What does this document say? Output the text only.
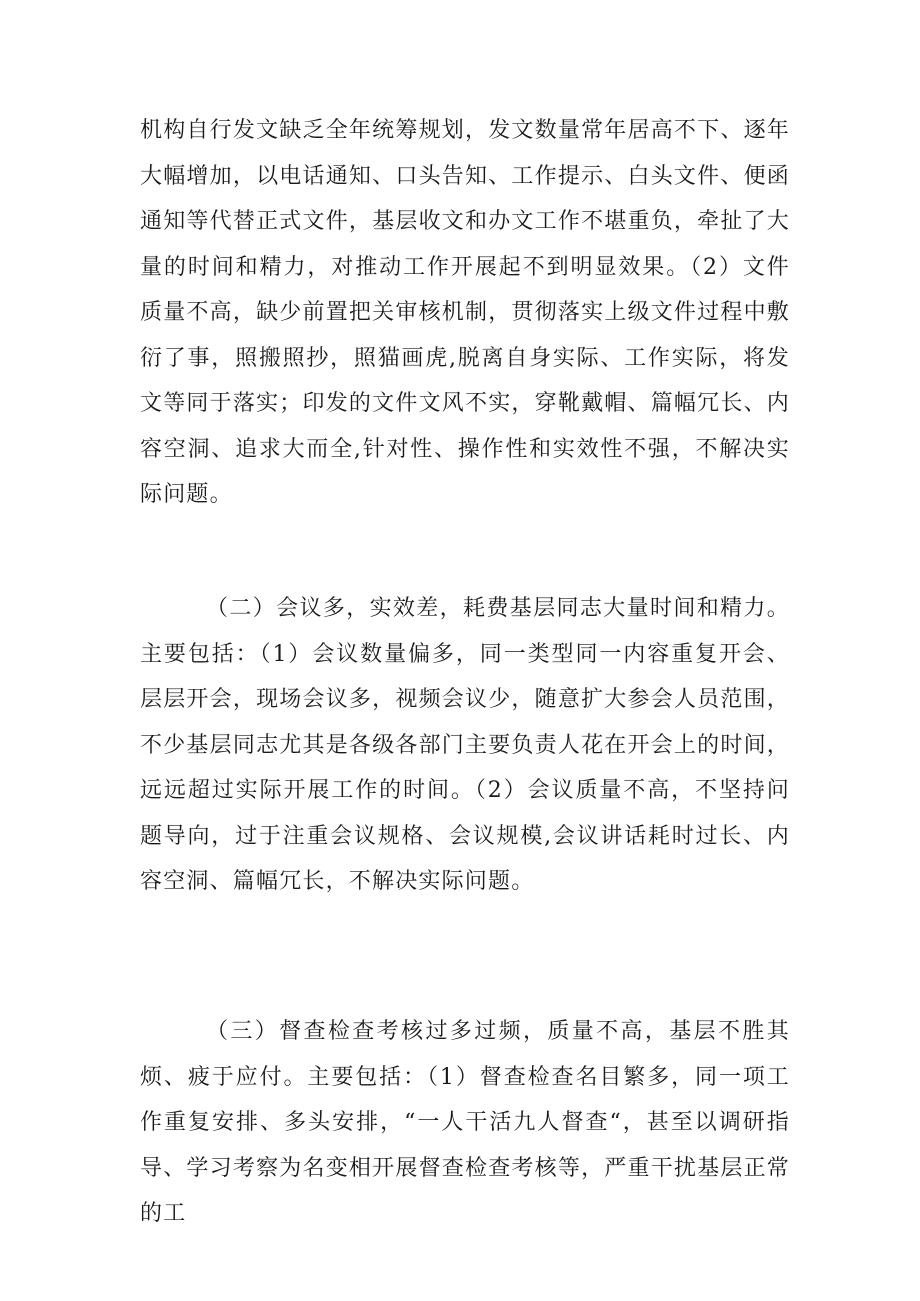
机构自行发文缺乏全年统筹规划，发文数量常年居高不下、逐年大幅增加，以电话通知、口头告知、工作提示、白头文件、便函通知等代替正式文件，基层收文和办文工作不堪重负，牵扯了大量的时间和精力，对推动工作开展起不到明显效果。（2）文件质量不高，缺少前置把关审核机制，贯彻落实上级文件过程中敷衍了事，照搬照抄，照猫画虎,脱离自身实际、工作实际，将发文等同于落实；印发的文件文风不实，穿靴戴帽、篇幅冗长、内容空洞、追求大而全,针对性、操作性和实效性不强，不解决实际问题。

（二）会议多，实效差，耗费基层同志大量时间和精力。主要包括：（1）会议数量偏多，同一类型同一内容重复开会、层层开会，现场会议多，视频会议少，随意扩大参会人员范围，不少基层同志尤其是各级各部门主要负责人花在开会上的时间，远远超过实际开展工作的时间。（2）会议质量不高，不坚持问题导向，过于注重会议规格、会议规模,会议讲话耗时过长、内容空洞、篇幅冗长，不解决实际问题。

（三）督查检查考核过多过频，质量不高，基层不胜其烦、疲于应付。主要包括：（1）督查检查名目繁多，同一项工作重复安排、多头安排，“一人干活九人督查“，甚至以调研指导、学习考察为名变相开展督查检查考核等，严重干扰基层正常的工
